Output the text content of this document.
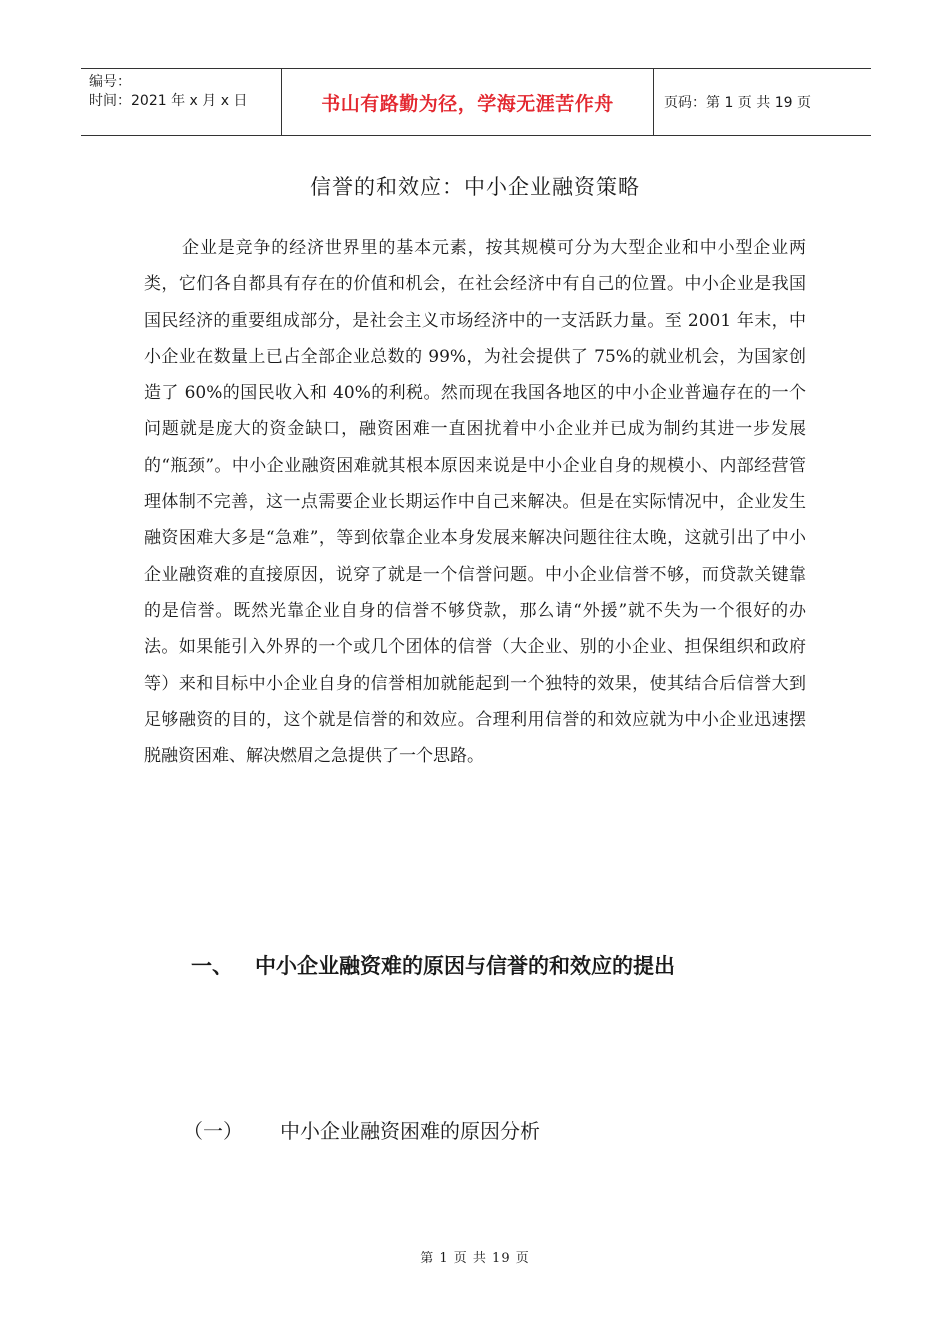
编号：
时间：2021 年 x 月 x 日	书山有路勤为径，学海无涯苦作舟	页码：第 1 页 共 19 页
信誉的和效应：中小企业融资策略

企业是竞争的经济世界里的基本元素，按其规模可分为大型企业和中小型企业两类，它们各自都具有存在的价值和机会，在社会经济中有自己的位置。中小企业是我国国民经济的重要组成部分，是社会主义市场经济中的一支活跃力量。至 2001 年末，中小企业在数量上已占全部企业总数的 99%，为社会提供了 75%的就业机会，为国家创造了 60%的国民收入和 40%的利税。然而现在我国各地区的中小企业普遍存在的一个问题就是庞大的资金缺口，融资困难一直困扰着中小企业并已成为制约其进一步发展的“瓶颈”。中小企业融资困难就其根本原因来说是中小企业自身的规模小、内部经营管理体制不完善，这一点需要企业长期运作中自己来解决。但是在实际情况中，企业发生融资困难大多是“急难”，等到依靠企业本身发展来解决问题往往太晚，这就引出了中小企业融资难的直接原因，说穿了就是一个信誉问题。中小企业信誉不够，而贷款关键靠的是信誉。既然光靠企业自身的信誉不够贷款，那么请“外援”就不失为一个很好的办法。如果能引入外界的一个或几个团体的信誉（大企业、别的小企业、担保组织和政府等）来和目标中小企业自身的信誉相加就能起到一个独特的效果，使其结合后信誉大到足够融资的目的，这个就是信誉的和效应。合理利用信誉的和效应就为中小企业迅速摆脱融资困难、解决燃眉之急提供了一个思路。

一、	中小企业融资难的原因与信誉的和效应的提出
（一）	中小企业融资困难的原因分析
第 1 页 共 19 页
